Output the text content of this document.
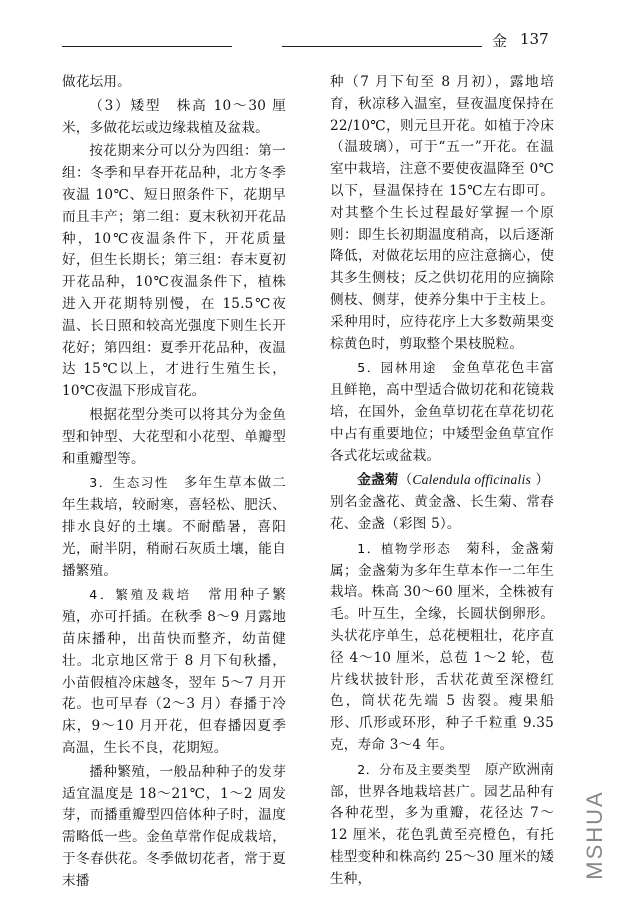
金 137

做花坛用。

（3）矮型　株高 10～30 厘米，多做花坛或边缘栽植及盆栽。

按花期来分可以分为四组：第一组：冬季和早春开花品种，北方冬季夜温 10℃、短日照条件下，花期早而且丰产；第二组：夏末秋初开花品种，10℃夜温条件下，开花质量好，但生长期长；第三组：春末夏初开花品种，10℃夜温条件下，植株进入开花期特别慢，在 15.5℃夜温、长日照和较高光强度下则生长开花好；第四组：夏季开花品种，夜温达 15℃以上，才进行生殖生长，10℃夜温下形成盲花。

根据花型分类可以将其分为金鱼型和钟型、大花型和小花型、单瓣型和重瓣型等。

3．生态习性　多年生草本做二年生栽培，较耐寒，喜轻松、肥沃、排水良好的土壤。不耐酷暑，喜阳光，耐半阴，稍耐石灰质土壤，能自播繁殖。

4．繁殖及栽培　常用种子繁殖，亦可扦插。在秋季 8～9 月露地苗床播种，出苗快而整齐，幼苗健壮。北京地区常于 8 月下旬秋播，小苗假植冷床越冬，翌年 5～7 月开花。也可早春（2～3 月）春播于冷床，9～10 月开花，但春播因夏季高温，生长不良，花期短。

播种繁殖，一般品种种子的发芽适宜温度是 18～21℃，1～2 周发芽，而播重瓣型四倍体种子时，温度需略低一些。金鱼草常作促成栽培，于冬春供花。冬季做切花者，常于夏末播

种（7 月下旬至 8 月初），露地培育，秋凉移入温室，昼夜温度保持在 22/10℃，则元旦开花。如植于冷床（温玻璃），可于“五一”开花。在温室中栽培，注意不要使夜温降至 0℃以下，昼温保持在 15℃左右即可。对其整个生长过程最好掌握一个原则：即生长初期温度稍高，以后逐渐降低，对做花坛用的应注意摘心，使其多生侧枝；反之供切花用的应摘除侧枝、侧芽，使养分集中于主枝上。采种用时，应待花序上大多数蒴果变棕黄色时，剪取整个果枝脱粒。

5．园林用途　金鱼草花色丰富且鲜艳，高中型适合做切花和花镜栽培，在国外，金鱼草切花在草花切花中占有重要地位；中矮型金鱼草宜作各式花坛或盆栽。

金盏菊（Calendula officinalis ）

别名金盏花、黄金盏、长生菊、常春花、金盏（彩图 5）。

1．植物学形态　菊科，金盏菊属；金盏菊为多年生草本作一二年生栽培。株高 30～60 厘米，全株被有毛。叶互生，全缘，长圆状倒卵形。头状花序单生，总花梗粗壮，花序直径 4～10 厘米，总苞 1～2 轮，苞片线状披针形，舌状花黄至深橙红色，筒状花先端 5 齿裂。瘦果船形、爪形或环形，种子千粒重 9.35 克，寿命 3～4 年。

2．分布及主要类型　原产欧洲南部，世界各地栽培甚广。园艺品种有各种花型，多为重瓣，花径达 7～12 厘米，花色乳黄至亮橙色，有托桂型变种和株高约 25～30 厘米的矮生种，	MSHUA
